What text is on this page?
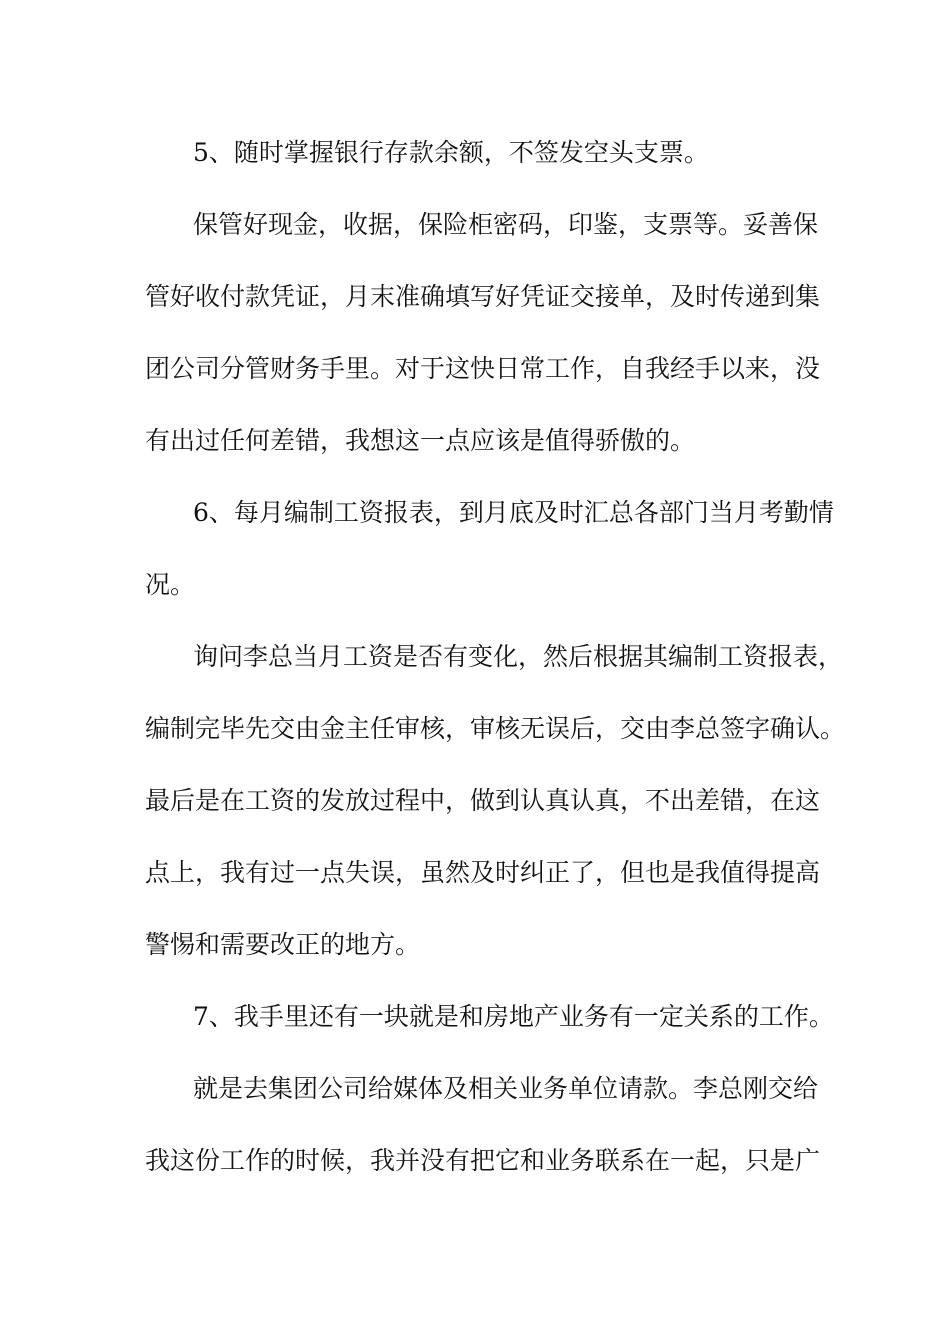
5、随时掌握银行存款余额，不签发空头支票。

保管好现金，收据，保险柜密码，印鉴，支票等。妥善保

管好收付款凭证，月末准确填写好凭证交接单，及时传递到集

团公司分管财务手里。对于这快日常工作，自我经手以来，没

有出过任何差错，我想这一点应该是值得骄傲的。

6、每月编制工资报表，到月底及时汇总各部门当月考勤情

况。

询问李总当月工资是否有变化，然后根据其编制工资报表，

编制完毕先交由金主任审核，审核无误后，交由李总签字确认。

最后是在工资的发放过程中，做到认真认真，不出差错，在这

点上，我有过一点失误，虽然及时纠正了，但也是我值得提高

警惕和需要改正的地方。

7、我手里还有一块就是和房地产业务有一定关系的工作。

就是去集团公司给媒体及相关业务单位请款。李总刚交给

我这份工作的时候，我并没有把它和业务联系在一起，只是广
